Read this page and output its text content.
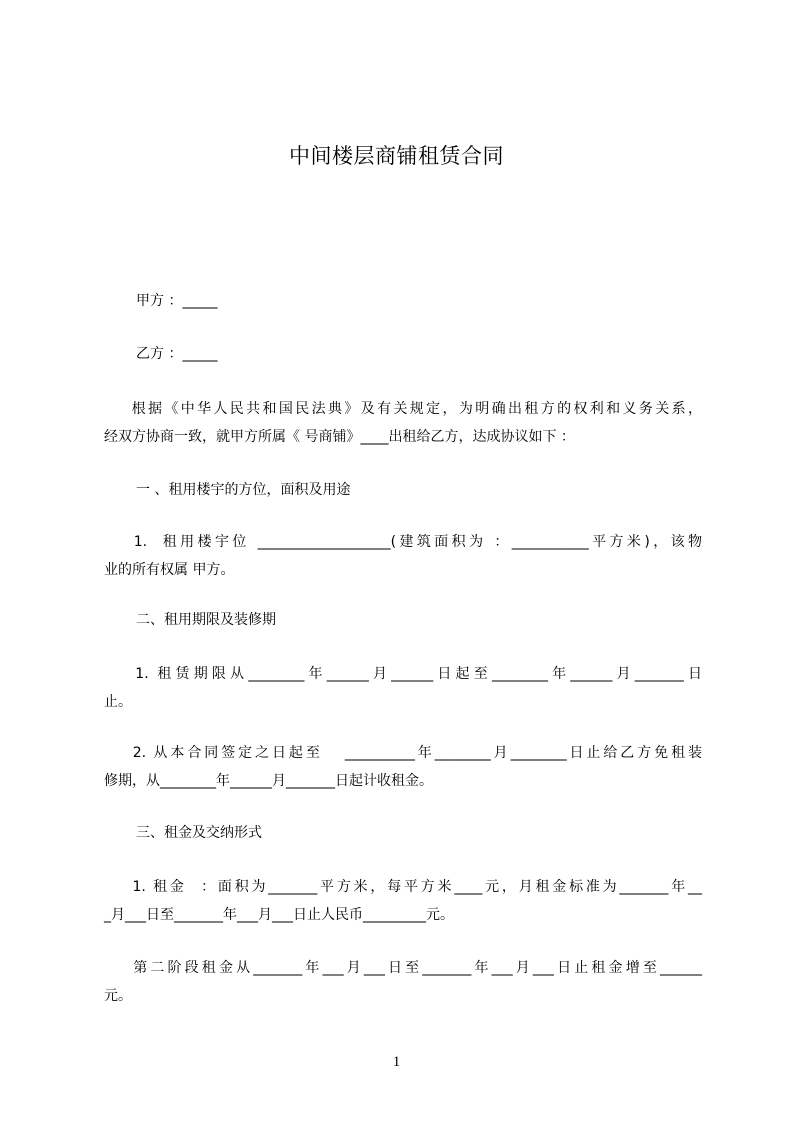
中间楼层商铺租赁合同
甲方 ：_____
乙方 ：_____
根据《中华人民共和国民法典》及有关规定，为明确出租方的权利和义务关系，
经双方协商一致，就甲方所属《 号商铺》____出租给乙方，达成协议如下 ：
一 、租用楼宇的方位，面积及用途
1.  租用楼宇位 ___________________(建筑面积为 ：___________平方米)，该物
业的所有权属 甲方。
二、租用期限及装修期
1. 租赁期限从________年______月______日起至________年______月_______日
止。
2. 从本合同签定之日起至   __________年________月________日止给乙方免租装
修期，从________年______月_______日起计收租金。
三、租金及交纳形式
1. 租金  ：面积为_______平方米，每平方米____元，月租金标准为_______年__
_月___日至_______年___月___日止人民币_________元。
第二阶段租金从_______年___月___日至_______年___月___日止租金增至______
元。
1
